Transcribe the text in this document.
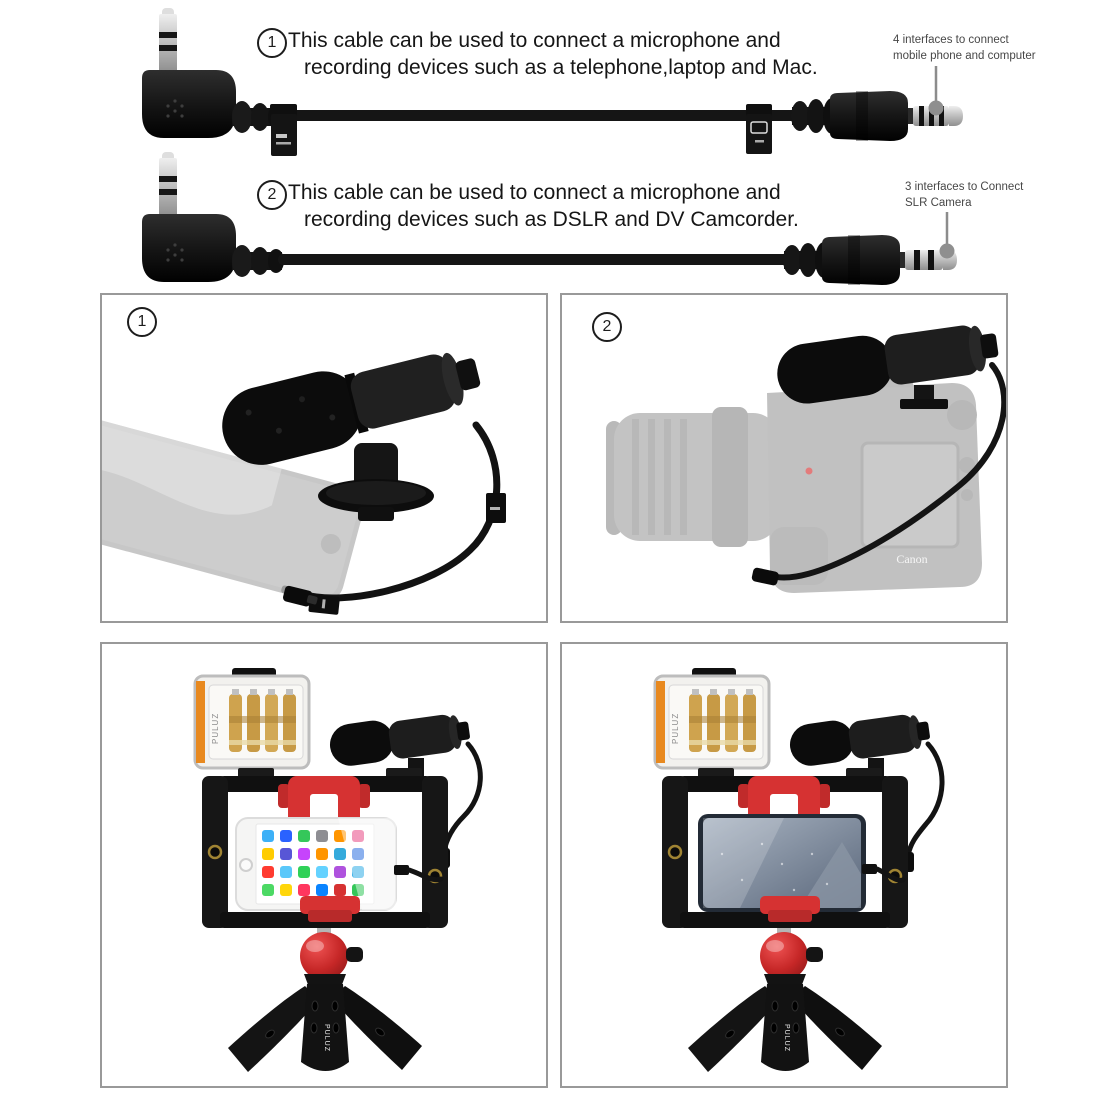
1 This cable can be used to connect a microphone and
recording devices such as a telephone,laptop and Mac.
4 interfaces to connect
mobile phone and computer
2 This cable can be used to connect a microphone and
recording devices such as DSLR and DV Camcorder.
3 interfaces to Connect
SLR Camera
1
Canon
2
PULUZ
PULUZ
PULUZ
PULUZ
